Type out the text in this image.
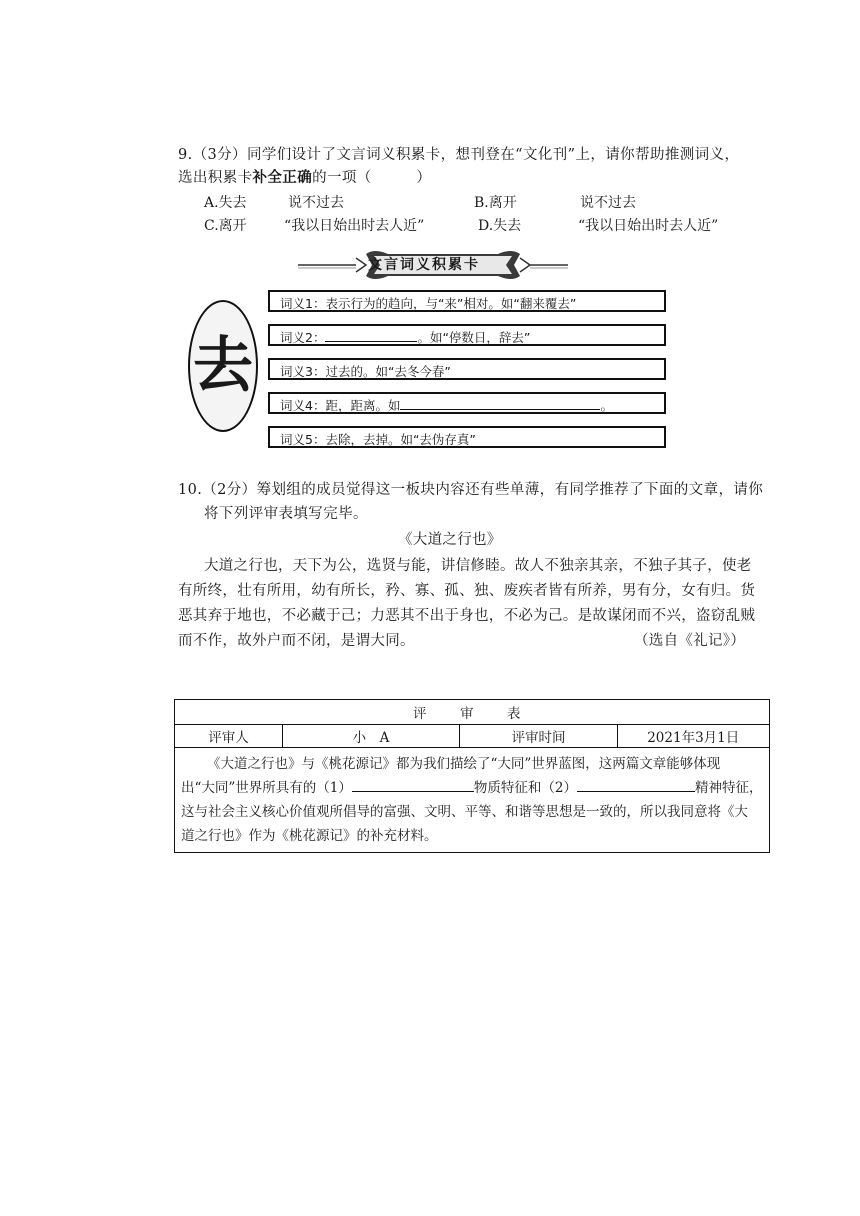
9.（3分）同学们设计了文言词义积累卡，想刊登在“文化刊”上，请你帮助推测词义，
选出积累卡补全正确的一项（　　　）
A.失去	说不过去	B.离开	说不过去
C.离开	“我以日始出时去人近”	D.失去	“我以日始出时去人近”
文言词义积累卡
去
词义1：表示行为的趋向，与“来”相对。如“翻来覆去”
词义2：	。如“停数日，辞去”
词义3：过去的。如“去冬今春”
词义4：距，距离。如	。
词义5：去除，去掉。如“去伪存真”
10.（2分）筹划组的成员觉得这一板块内容还有些单薄，有同学推荐了下面的文章，请你
将下列评审表填写完毕。
《大道之行也》
大道之行也，天下为公，选贤与能，讲信修睦。故人不独亲其亲，不独子其子，使老
有所终，壮有所用，幼有所长，矜、寡、孤、独、废疾者皆有所养，男有分，女有归。货
恶其弃于地也，不必藏于己；力恶其不出于身也，不必为己。是故谋闭而不兴，盗窃乱贼
而不作，故外户而不闭，是谓大同。	（选自《礼记》）
评　审　表
评审人	小　A	评审时间	2021年3月1日

《大道之行也》与《桃花源记》都为我们描绘了“大同”世界蓝图，这两篇文章能够体现
出“大同”世界所具有的（1）	物质特征和（2）	精神特征，
这与社会主义核心价值观所倡导的富强、文明、平等、和谐等思想是一致的，所以我同意将《大
道之行也》作为《桃花源记》的补充材料。
